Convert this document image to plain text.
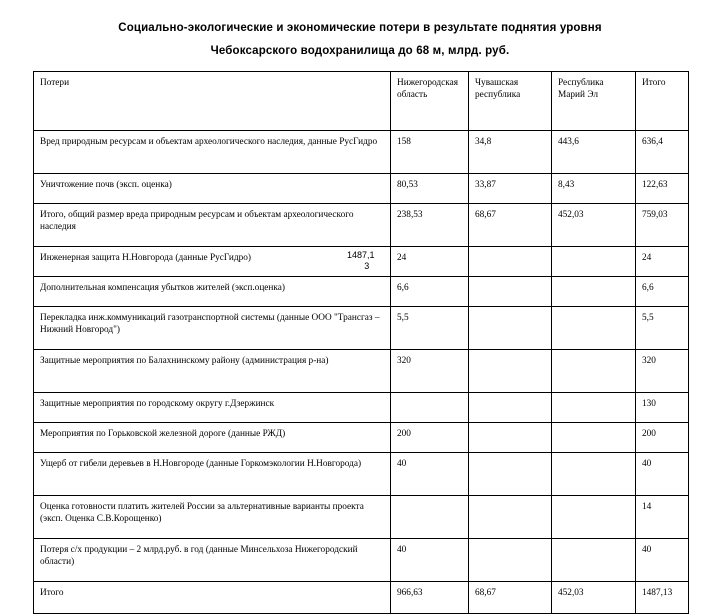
Социально-экологические и экономические потери в результате поднятия уровня
Чебоксарского водохранилища до 68 м, млрд. руб.
Потери	Нижегородская область	Чувашская республика	Республика Марий Эл	Итого
Вред природным ресурсам и объектам археологического наследия, данные РусГидро	158	34,8	443,6	636,4
Уничтожение почв (эксп. оценка)	80,53	33,87	8,43	122,63
Итого, общий размер вреда природным ресурсам и объектам археологического наследия	238,53	68,67	452,03	759,03
Инженерная защита Н.Новгорода (данные РусГидро)	24			24
Дополнительная компенсация убытков жителей (эксп.оценка)	6,6			6,6
Перекладка инж.коммуникаций газотранспортной системы (данные ООО "Трансгаз – Нижний Новгород")	5,5			5,5
Защитные мероприятия по Балахнинскому району (администрация р-на)	320			320
Защитные мероприятия по городскому округу г.Дзержинск				130
Мероприятия по Горьковской железной дороге (данные РЖД)	200			200
Ущерб от гибели деревьев в Н.Новгороде (данные Горкомэкологии Н.Новгорода)	40			40
Оценка готовности платить жителей России за альтернативные варианты проекта (эксп. Оценка С.В.Корощенко)				14
Потеря с/х продукции – 2 млрд.руб. в год (данные Минсельхоза Нижегородский области)	40			40
Итого	966,63	68,67	452,03	1487,13
1487,1
3
